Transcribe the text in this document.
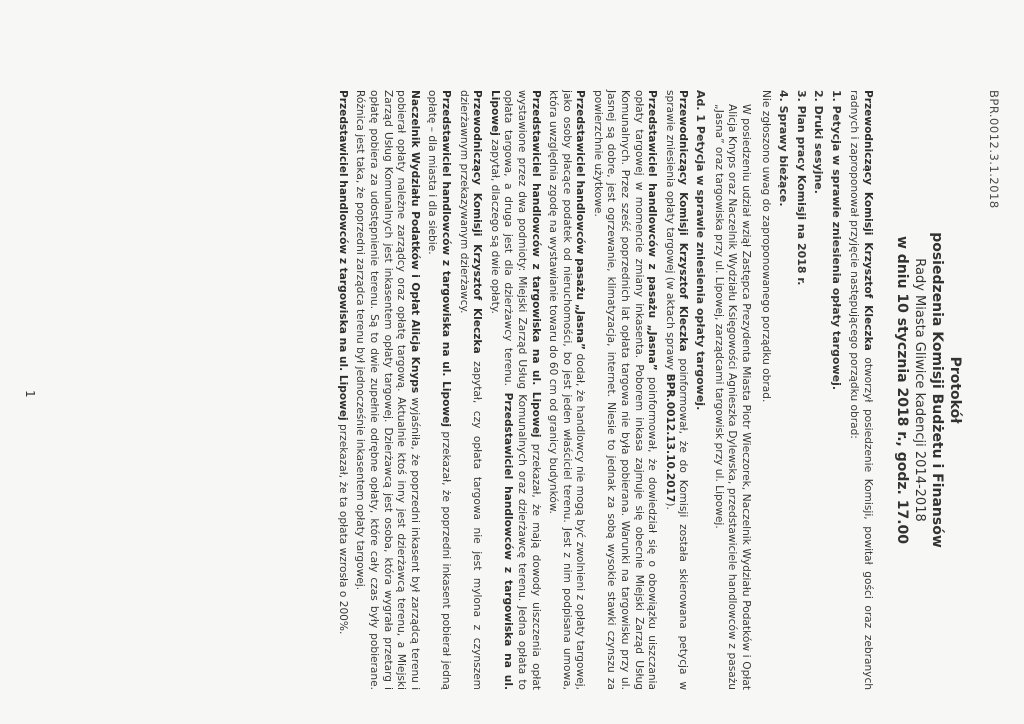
BPR.0012.3.1.2018
Protokół
posiedzenia Komisji Budżetu i Finansów
Rady Miasta Gliwice kadencji 2014-2018
w dniu 10 stycznia 2018 r., godz. 17.00

Przewodniczący Komisji Krzysztof Kleczka otworzył posiedzenie Komisji, powitał gości oraz zebranych radnych i zaproponował przyjęcie następującego porządku obrad:

1. Petycja w sprawie zniesienia opłaty targowej.
2. Druki sesyjne.
3. Plan pracy Komisji na 2018 r.
4. Sprawy bieżące.

Nie zgłoszono uwag do zaproponowanego porządku obrad.

W posiedzeniu udział wziął Zastępca Prezydenta Miasta Piotr Wieczorek, Naczelnik Wydziału Podatków i Opłat Alicja Knyps oraz Naczelnik Wydziału Księgowości Agnieszka Dylewska, przedstawiciele handlowców z pasażu „Jasna” oraz targowiska przy ul. Lipowej, zarządcami targowisk przy ul. Lipowej.

Ad. 1 Petycja w sprawie zniesienia opłaty targowej.

Przewodniczący Komisji Krzysztof Kleczka poinformował, że do Komisji została skierowana petycja w sprawie zniesienia opłaty targowej (w aktach sprawy BPR.0012.13.10.2017).

Przedstawiciel handlowców z pasażu „Jasna” poinformował, że dowiedział się o obowiązku uiszczania opłaty targowej w momencie zmiany inkasenta. Poborem inkasa zajmuje się obecnie Miejski Zarząd Usług Komunalnych. Przez sześć poprzednich lat opłata targowa nie była pobierana. Warunki na targowisku przy ul. Jasnej są dobre, jest ogrzewanie, klimatyzacja, internet. Niesie to jednak za sobą wysokie stawki czynszu za powierzchnie użytkowe.

Przedstawiciel handlowców pasażu „Jasna” dodał, że handlowcy nie mogą być zwolnieni z opłaty targowej, jako osoby płacące podatek od nieruchomości, bo jest jeden właściciel terenu. Jest z nim podpisana umowa, która uwzględnia zgodę na wystawianie towaru do 60 cm od granicy budynków.

Przedstawiciel handlowców z targowiska na ul. Lipowej przekazał, że mają dowody uiszczenia opłat wystawione przez dwa podmioty: Miejski Zarząd Usług Komunalnych oraz dzierżawcę terenu. Jedna opłata to opłata targowa, a druga jest dla dzierżawcy terenu. Przedstawiciel handlowców z targowiska na ul. Lipowej zapytał, dlaczego są dwie opłaty.

Przewodniczący Komisji Krzysztof Kleczka zapytał, czy opłata targowa nie jest mylona z czynszem dzierżawnym przekazywanym dzierżawcy.

Przedstawiciel handlowców z targowiska na ul. Lipowej przekazał, że poprzedni inkasent pobierał jedną opłatę – dla miasta i dla siebie.

Naczelnik Wydziału Podatków i Opłat Alicja Knyps wyjaśniła, że poprzedni inkasent był zarządcą terenu i pobierał opłaty należne zarządcy oraz opłatę targową. Aktualnie ktoś inny jest dzierżawcą terenu, a Miejski Zarząd Usług Komunalnych jest inkasentem opłaty targowej. Dzierżawcą jest osoba, która wygrała przetarg i opłatę pobiera za udostępnienie terenu. Są to dwie zupełnie odrębne opłaty, które cały czas były pobierane. Różnica jest taka, że poprzedni zarządca terenu był jednocześnie inkasentem opłaty targowej.

Przedstawiciel handlowców z targowiska na ul. Lipowej przekazał, że ta opłata wzrosła o 200%.

1
